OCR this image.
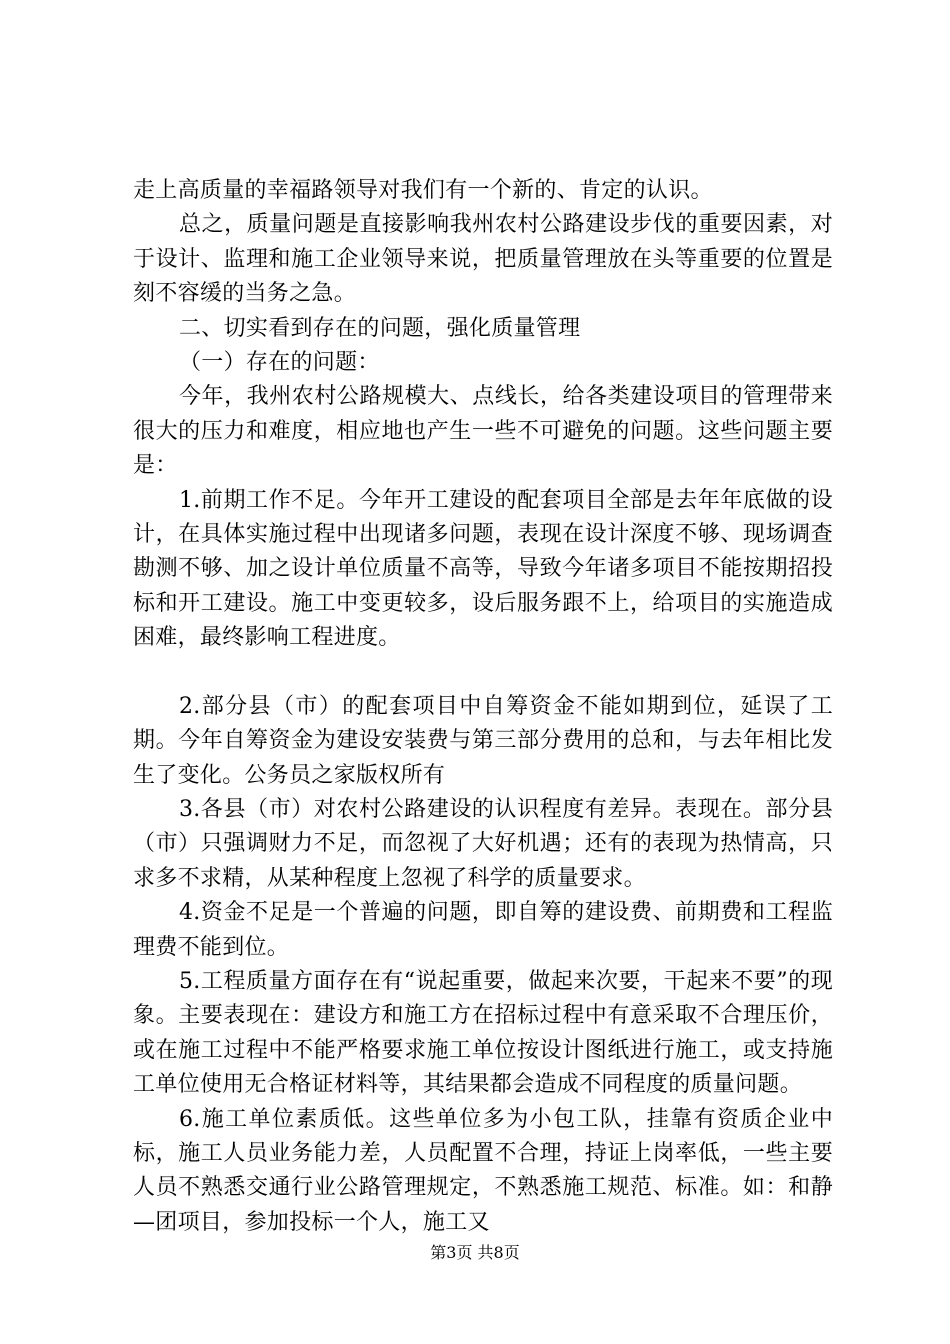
走上高质量的幸福路领导对我们有一个新的、肯定的认识。

总之，质量问题是直接影响我州农村公路建设步伐的重要因素，对于设计、监理和施工企业领导来说，把质量管理放在头等重要的位置是刻不容缓的当务之急。

二、切实看到存在的问题，强化质量管理

（一）存在的问题：

今年，我州农村公路规模大、点线长，给各类建设项目的管理带来很大的压力和难度，相应地也产生一些不可避免的问题。这些问题主要是：

1.前期工作不足。今年开工建设的配套项目全部是去年年底做的设计，在具体实施过程中出现诸多问题，表现在设计深度不够、现场调查勘测不够、加之设计单位质量不高等，导致今年诸多项目不能按期招投标和开工建设。施工中变更较多，设后服务跟不上，给项目的实施造成困难，最终影响工程进度。

2.部分县（市）的配套项目中自筹资金不能如期到位，延误了工期。今年自筹资金为建设安装费与第三部分费用的总和，与去年相比发生了变化。公务员之家版权所有

3.各县（市）对农村公路建设的认识程度有差异。表现在。部分县（市）只强调财力不足，而忽视了大好机遇；还有的表现为热情高，只求多不求精，从某种程度上忽视了科学的质量要求。

4.资金不足是一个普遍的问题，即自筹的建设费、前期费和工程监理费不能到位。

5.工程质量方面存在有“说起重要，做起来次要，干起来不要”的现象。主要表现在：建设方和施工方在招标过程中有意采取不合理压价，或在施工过程中不能严格要求施工单位按设计图纸进行施工，或支持施工单位使用无合格证材料等，其结果都会造成不同程度的质量问题。

6.施工单位素质低。这些单位多为小包工队，挂靠有资质企业中标，施工人员业务能力差，人员配置不合理，持证上岗率低，一些主要人员不熟悉交通行业公路管理规定，不熟悉施工规范、标准。如：和静—团项目，参加投标一个人，施工又

第3页 共8页
